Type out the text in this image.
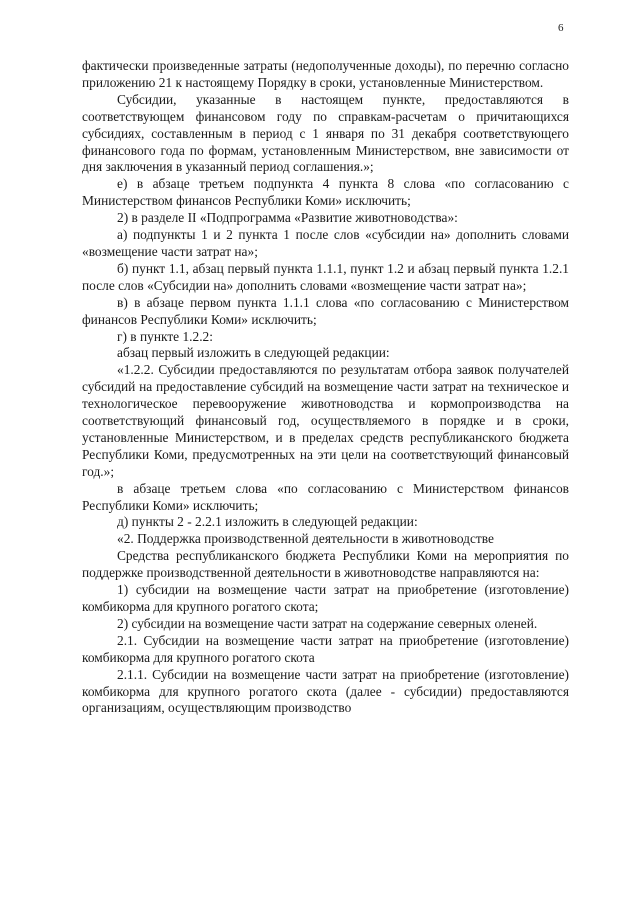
6

фактически произведенные затраты (недополученные доходы), по перечню согласно приложению 21 к настоящему Порядку в сроки, установленные Министерством.

Субсидии, указанные в настоящем пункте, предоставляются в соответствующем финансовом году по справкам-расчетам о причитающихся субсидиях, составленным в период с 1 января по 31 декабря соответствующего финансового года по формам, установленным Министерством, вне зависимости от дня заключения в указанный период соглашения.»;

е) в абзаце третьем подпункта 4 пункта 8 слова «по согласованию с Министерством финансов Республики Коми» исключить;

2) в разделе II «Подпрограмма «Развитие животноводства»:

а) подпункты 1 и 2 пункта 1 после слов «субсидии на» дополнить словами «возмещение части затрат на»;

б) пункт 1.1, абзац первый пункта 1.1.1, пункт 1.2 и абзац первый пункта 1.2.1 после слов «Субсидии на» дополнить словами «возмещение части затрат на»;

в) в абзаце первом пункта 1.1.1 слова «по согласованию с Министерством финансов Республики Коми» исключить;

г) в пункте 1.2.2:

абзац первый изложить в следующей редакции:

«1.2.2. Субсидии предоставляются по результатам отбора заявок получателей субсидий на предоставление субсидий на возмещение части затрат на техническое и технологическое перевооружение животноводства и кормопроизводства на соответствующий финансовый год, осуществляемого в порядке и в сроки, установленные Министерством, и в пределах средств республиканского бюджета Республики Коми, предусмотренных на эти цели на соответствующий финансовый год.»;

в абзаце третьем слова «по согласованию с Министерством финансов Республики Коми» исключить;

д) пункты 2 - 2.2.1 изложить в следующей редакции:

«2. Поддержка производственной деятельности в животноводстве

Средства республиканского бюджета Республики Коми на мероприятия по поддержке производственной деятельности в животноводстве направляются на:

1) субсидии на возмещение части затрат на приобретение (изготовление) комбикорма для крупного рогатого скота;

2) субсидии на возмещение части затрат на содержание северных оленей.

2.1. Субсидии на возмещение части затрат на приобретение (изготовление) комбикорма для крупного рогатого скота

2.1.1. Субсидии на возмещение части затрат на приобретение (изготовление) комбикорма для крупного рогатого скота (далее - субсидии) предоставляются организациям, осуществляющим производство
